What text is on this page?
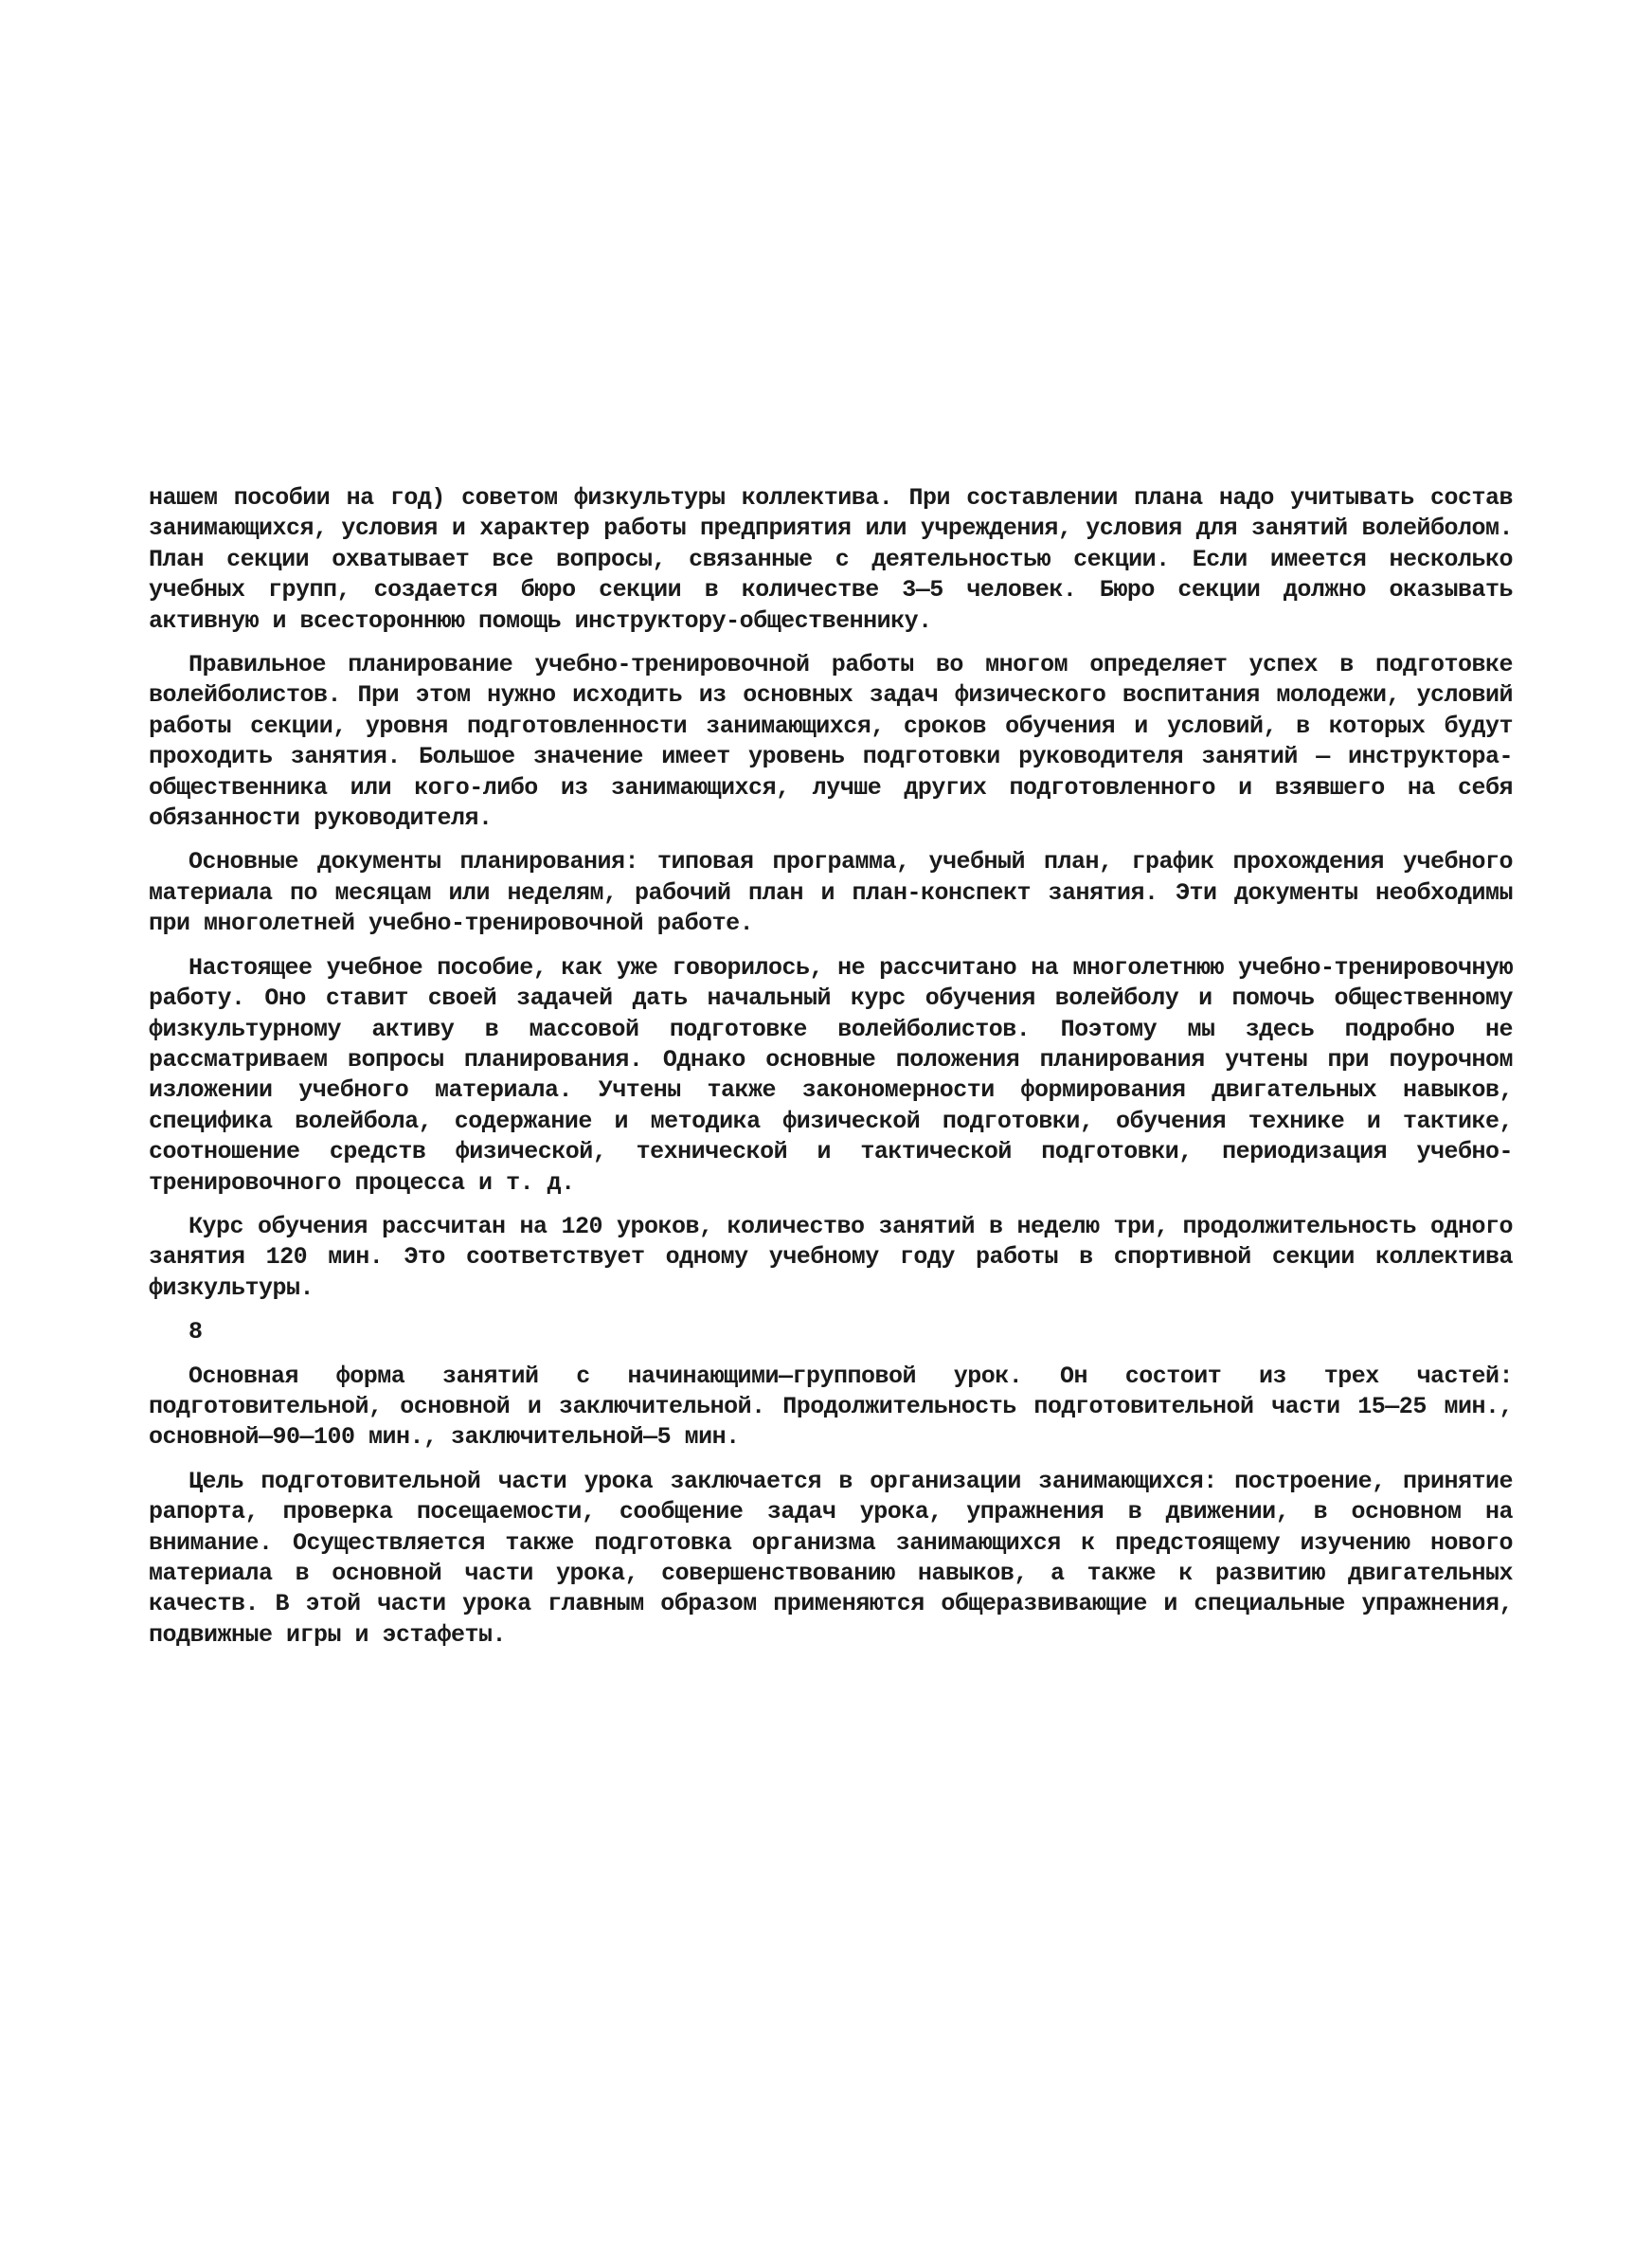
нашем пособии на год) советом физкультуры коллектива. При составлении плана надо учитывать состав занимающихся, условия и характер работы предприятия или учреждения, условия для занятий волейболом. План секции охватывает все вопросы, связанные с деятельностью секции. Если имеется несколько учебных групп, создается бюро секции в количестве 3—5 человек. Бюро секции должно оказывать активную и всестороннюю помощь инструктору-общественнику.

Правильное планирование учебно-тренировочной работы во многом определяет успех в подготовке волейболистов. При этом нужно исходить из основных задач физического воспитания молодежи, условий работы секции, уровня подготовленности занимающихся, сроков обучения и условий, в которых будут проходить занятия. Большое значение имеет уровень подготовки руководителя занятий — инструктора-общественника или кого-либо из занимающихся, лучше других подготовленного и взявшего на себя обязанности руководителя.

Основные документы планирования: типовая программа, учебный план, график прохождения учебного материала по месяцам или неделям, рабочий план и план-конспект занятия. Эти документы необходимы при многолетней учебно-тренировочной работе.

Настоящее учебное пособие, как уже говорилось, не рассчитано на многолетнюю учебно-тренировочную работу. Оно ставит своей задачей дать начальный курс обучения волейболу и помочь общественному физкультурному активу в массовой подготовке волейболистов. Поэтому мы здесь подробно не рассматриваем вопросы планирования. Однако основные положения планирования учтены при поурочном изложении учебного материала. Учтены также закономерности формирования двигательных навыков, специфика волейбола, содержание и методика физической подготовки, обучения технике и тактике, соотношение средств физической, технической и тактической подготовки, периодизация учебно-тренировочного процесса и т. д.

Курс обучения рассчитан на 120 уроков, количество занятий в неделю три, продолжительность одного занятия 120 мин. Это соответствует одному учебному году работы в спортивной секции коллектива физкультуры.

8

Основная форма занятий с начинающими—групповой урок. Он состоит из трех частей: подготовительной, основной и заключительной. Продолжительность подготовительной части 15—25 мин., основной—90—100 мин., заключительной—5 мин.

Цель подготовительной части урока заключается в организации занимающихся: построение, принятие рапорта, проверка посещаемости, сообщение задач урока, упражнения в движении, в основном на внимание. Осуществляется также подготовка организма занимающихся к предстоящему изучению нового материала в основной части урока, совершенствованию навыков, а также к развитию двигательных качеств. В этой части урока главным образом применяются общеразвивающие и специальные упражнения, подвижные игры и эстафеты.
